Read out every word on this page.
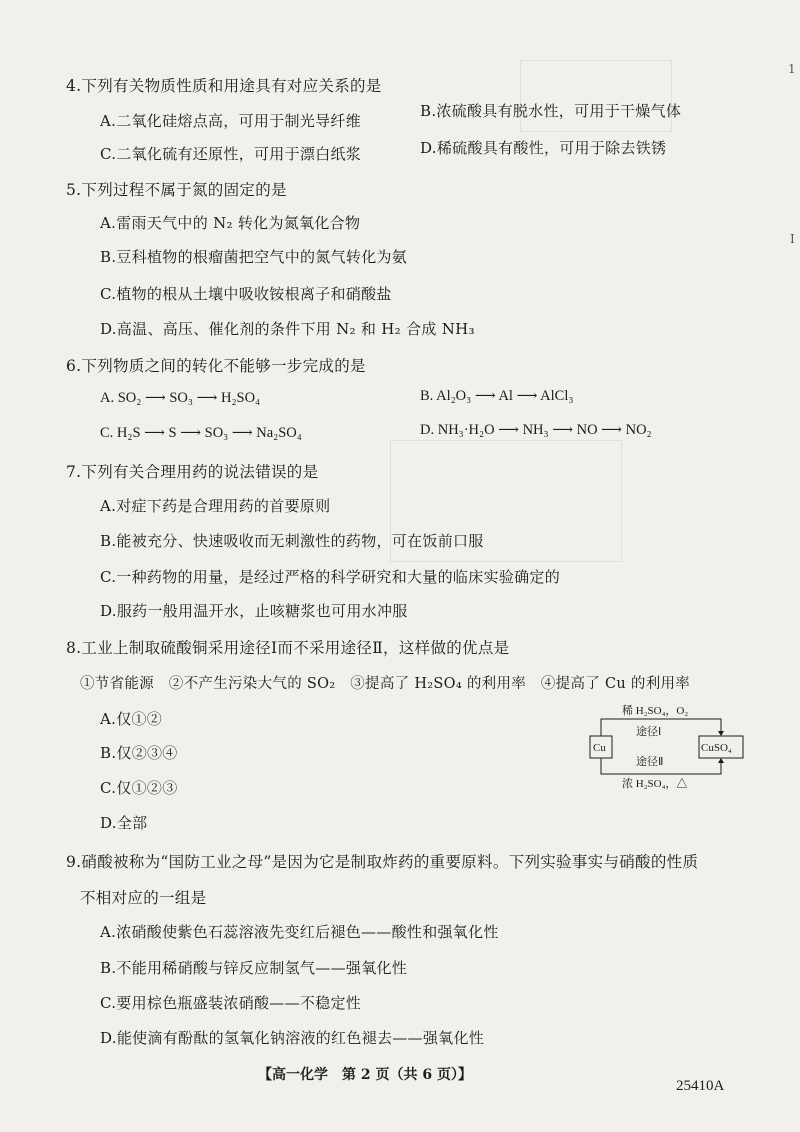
1
I
4.下列有关物质性质和用途具有对应关系的是
A.二氧化硅熔点高，可用于制光导纤维
B.浓硫酸具有脱水性，可用于干燥气体
C.二氧化硫有还原性，可用于漂白纸浆	D.稀硫酸具有酸性，可用于除去铁锈
5.下列过程不属于氮的固定的是
A.雷雨天气中的 N₂ 转化为氮氧化合物
B.豆科植物的根瘤菌把空气中的氮气转化为氨
C.植物的根从土壤中吸收铵根离子和硝酸盐
D.高温、高压、催化剂的条件下用 N₂ 和 H₂ 合成 NH₃
6.下列物质之间的转化不能够一步完成的是
A. SO₂ ⟶ SO₃ ⟶ H₂SO₄	B. Al₂O₃ ⟶ Al ⟶ AlCl₃
C. H₂S ⟶ S ⟶ SO₃ ⟶ Na₂SO₄	D. NH₃·H₂O ⟶ NH₃ ⟶ NO ⟶ NO₂
7.下列有关合理用药的说法错误的是
A.对症下药是合理用药的首要原则
B.能被充分、快速吸收而无刺激性的药物，可在饭前口服
C.一种药物的用量，是经过严格的科学研究和大量的临床实验确定的
D.服药一般用温开水，止咳糖浆也可用水冲服
8.工业上制取硫酸铜采用途径Ⅰ而不采用途径Ⅱ，这样做的优点是
①节省能源　②不产生污染大气的 SO₂　③提高了 H₂SO₄ 的利用率　④提高了 Cu 的利用率
A.仅①②
B.仅②③④
C.仅①②③
D.全部
稀 H₂SO₄，O₂
途径Ⅰ
途径Ⅱ
浓 H₂SO₄，△
Cu	CuSO₄
9.硝酸被称为“国防工业之母”是因为它是制取炸药的重要原料。下列实验事实与硝酸的性质
不相对应的一组是
A.浓硝酸使紫色石蕊溶液先变红后褪色——酸性和强氧化性
B.不能用稀硝酸与锌反应制氢气——强氧化性
C.要用棕色瓶盛装浓硝酸——不稳定性
D.能使滴有酚酞的氢氧化钠溶液的红色褪去——强氧化性
【高一化学　第 2 页（共 6 页）】
25410A
